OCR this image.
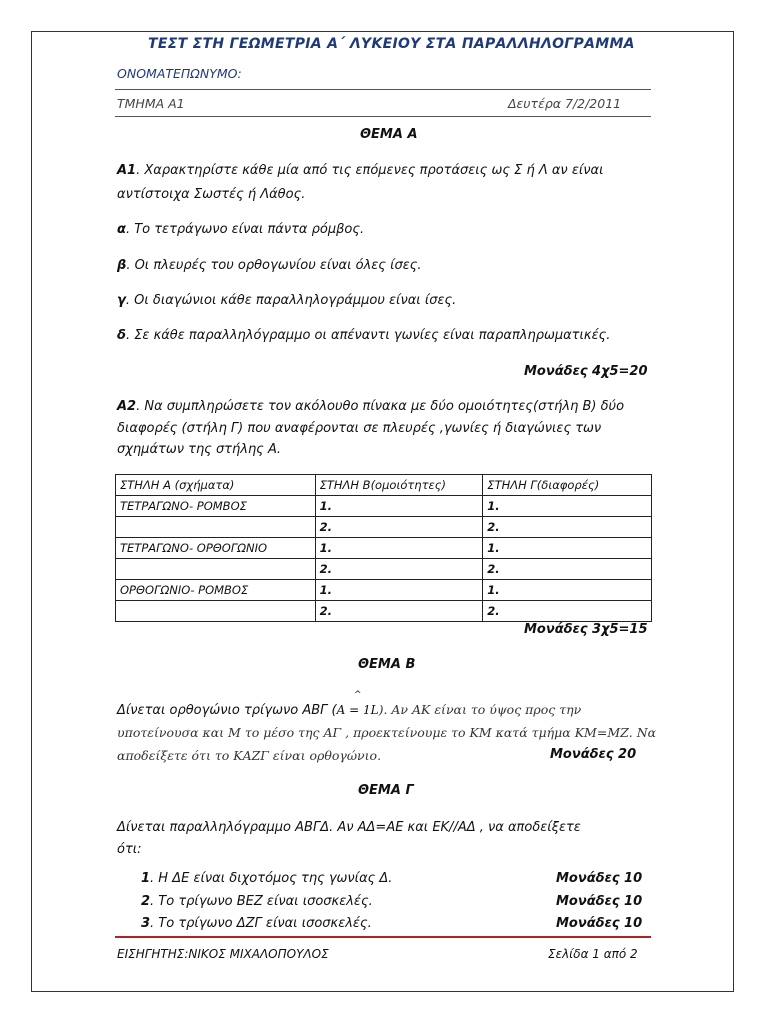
ΤΕΣΤ ΣΤΗ ΓΕΩΜΕΤΡΙΑ Α΄ ΛΥΚΕΙΟΥ ΣΤΑ ΠΑΡΑΛΛΗΛΟΓΡΑΜΜΑ
ΟΝΟΜΑΤΕΠΩΝΥΜΟ:
ΤΜΗΜΑ Α1	Δευτέρα 7/2/2011
ΘΕΜΑ Α
Α1. Χαρακτηρίστε κάθε μία από τις επόμενες προτάσεις ως Σ ή Λ αν είναι
αντίστοιχα Σωστές ή Λάθος.
α. Το τετράγωνο είναι πάντα ρόμβος.
β. Οι πλευρές του ορθογωνίου είναι όλες ίσες.
γ. Οι διαγώνιοι κάθε παραλληλογράμμου είναι ίσες.
δ. Σε κάθε παραλληλόγραμμο οι απέναντι γωνίες είναι παραπληρωματικές.
Μονάδες 4χ5=20
Α2. Να συμπληρώσετε τον ακόλουθο πίνακα με δύο ομοιότητες(στήλη Β) δύο
διαφορές (στήλη Γ) που αναφέρονται σε πλευρές ,γωνίες ή διαγώνιες των
σχημάτων της στήλης Α.
ΣΤΗΛΗ Α (σχήματα)	ΣΤΗΛΗ Β(ομοιότητες)	ΣΤΗΛΗ Γ(διαφορές)
ΤΕΤΡΑΓΩΝΟ- ΡΟΜΒΟΣ	1.	1.
	2.	2.
ΤΕΤΡΑΓΩΝΟ- ΟΡΘΟΓΩΝΙΟ	1.	1.
	2.	2.
ΟΡΘΟΓΩΝΙΟ- ΡΟΜΒΟΣ	1.	1.
	2.	2.
Μονάδες 3χ5=15
ΘΕΜΑ Β
Δίνεται ορθογώνιο τρίγωνο ΑΒΓ (A = 1L). Αν ΑΚ είναι το ύψος προς την
^
υποτείνουσα και Μ το μέσο της ΑΓ , προεκτείνουμε το ΚΜ κατά τμήμα ΚΜ=ΜΖ. Να
αποδείξετε ότι το ΚΑΖΓ είναι ορθογώνιο.	Μονάδες 20
ΘΕΜΑ Γ
Δίνεται παραλληλόγραμμο ΑΒΓΔ. Αν ΑΔ=ΑΕ και ΕΚ//ΑΔ , να αποδείξετε
ότι:
1. Η ΔΕ είναι διχοτόμος της γωνίας Δ.	Μονάδες 10
2. Το τρίγωνο ΒΕΖ είναι ισοσκελές.	Μονάδες 10
3. Το τρίγωνο ΔΖΓ είναι ισοσκελές.	Μονάδες 10
ΕΙΣΗΓΗΤΗΣ:ΝΙΚΟΣ ΜΙΧΑΛΟΠΟΥΛΟΣ	Σελίδα 1 από 2
